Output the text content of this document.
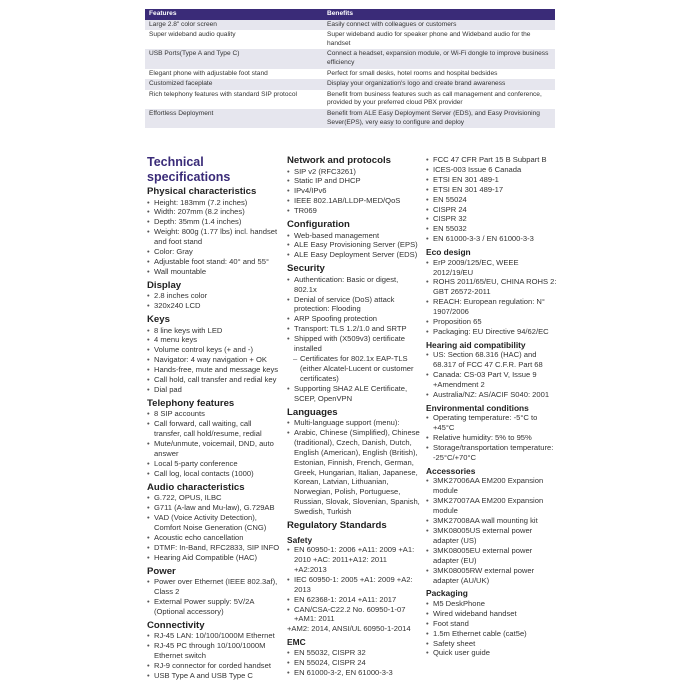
Features	Benefits
Large 2.8" color screen	Easily connect with colleagues or customers
Super wideband audio quality	Super wideband audio for speaker phone and Wideband audio for the handset
USB Ports(Type A and Type C)	Connect a headset, expansion module, or Wi-Fi dongle to improve business efficiency
Elegant phone with adjustable foot stand	Perfect for small desks, hotel rooms and hospital bedsides
Customized faceplate	Display your organization's logo and create brand awareness
Rich telephony features with standard SIP protocol	Benefit from business features such as call management and conference, provided by your preferred cloud PBX provider
Effortless Deployment	Benefit from ALE Easy Deployment Server (EDS), and Easy Provisioning Sever(EPS), very easy to configure and deploy
Technical specifications
Physical characteristics
• Height: 183mm (7.2 inches)
• Width: 207mm (8.2 inches)
• Depth: 35mm (1.4 inches)
• Weight: 800g (1.77 lbs) incl. handset and foot stand
• Color: Gray
• Adjustable foot stand: 40° and 55°
• Wall mountable
Display
• 2.8 inches color
• 320x240 LCD
Keys
• 8 line keys with LED
• 4 menu keys
• Volume control keys (+ and -)
• Navigator: 4 way navigation + OK
• Hands-free, mute and message keys
• Call hold, call transfer and redial key
• Dial pad
Telephony features
• 8 SIP accounts
• Call forward, call waiting, call transfer, call hold/resume, redial
• Mute/unmute, voicemail, DND, auto answer
• Local 5-party conference
• Call log, local contacts (1000)
Audio characteristics
• G.722, OPUS, ILBC
• G711 (A-law and Mu-law), G.729AB
• VAD (Voice Activity Detection), Comfort Noise Generation (CNG)
• Acoustic echo cancellation
• DTMF: In-Band, RFC2833, SIP INFO
• Hearing Aid Compatible (HAC)
Power
• Power over Ethernet (IEEE 802.3af), Class 2
• External Power supply: 5V/2A (Optional accessory)
Connectivity
• RJ-45 LAN: 10/100/1000M Ethernet
• RJ-45 PC through 10/100/1000M Ethernet switch
• RJ-9 connector for corded handset
• USB Type A and USB Type C
Network and protocols
• SIP v2 (RFC3261)
• Static IP and DHCP
• IPv4/IPv6
• IEEE 802.1AB/LLDP-MED/QoS
• TR069
Configuration
• Web-based management
• ALE Easy Provisioning Server (EPS)
• ALE Easy Deployment Server (EDS)
Security
• Authentication: Basic or digest, 802.1x
• Denial of service (DoS) attack protection: Flooding
• ARP Spoofing protection
• Transport: TLS 1.2/1.0 and SRTP
• Shipped with (X509v3) certificate installed
– Certificates for 802.1x EAP-TLS (either Alcatel-Lucent or customer certificates)
• Supporting SHA2 ALE Certificate, SCEP, OpenVPN
Languages
• Multi-language support (menu):
• Arabic, Chinese (Simplified), Chinese (traditional), Czech, Danish, Dutch, English (American), English (British), Estonian, Finnish, French, German, Greek, Hungarian, Italian, Japanese, Korean, Latvian, Lithuanian, Norwegian, Polish, Portuguese, Russian, Slovak, Slovenian, Spanish, Swedish, Turkish
Regulatory Standards
Safety
• EN 60950-1: 2006 +A11: 2009 +A1: 2010 +AC: 2011+A12: 2011 +A2:2013
• IEC 60950-1: 2005 +A1: 2009 +A2: 2013
• EN 62368-1: 2014 +A11: 2017
• CAN/CSA-C22.2 No. 60950-1-07 +AM1: 2011
+AM2: 2014, ANSI/UL 60950-1-2014
EMC
• EN 55032, CISPR 32
• EN 55024, CISPR 24
• EN 61000-3-2, EN 61000-3-3
• FCC 47 CFR Part 15 B Subpart B
• ICES-003 Issue 6 Canada
• ETSI EN 301 489-1
• ETSI EN 301 489-17
• EN 55024
• CISPR 24
• CISPR 32
• EN 55032
• EN 61000-3-3 / EN 61000-3-3
Eco design
• ErP 2009/125/EC, WEEE 2012/19/EU
• ROHS 2011/65/EU, CHINA ROHS 2: GBT 26572-2011
• REACH: European regulation: N° 1907/2006
• Proposition 65
• Packaging: EU Directive 94/62/EC
Hearing aid compatibility
• US: Section 68.316 (HAC) and 68.317 of FCC 47 C.F.R. Part 68
• Canada: CS-03 Part V, Issue 9 +Amendment 2
• Australia/NZ: AS/ACIF S040: 2001
Environmental conditions
• Operating temperature: -5°C to +45°C
• Relative humidity: 5% to 95%
• Storage/transportation temperature: -25°C/+70°C
Accessories
• 3MK27006AA EM200 Expansion module
• 3MK27007AA EM200 Expansion module
• 3MK27008AA wall mounting kit
• 3MK08005US external power adapter (US)
• 3MK08005EU external power adapter (EU)
• 3MK08005RW external power adapter (AU/UK)
Packaging
• M5 DeskPhone
• Wired wideband handset
• Foot stand
• 1.5m Ethernet cable (cat5e)
• Safety sheet
• Quick user guide
